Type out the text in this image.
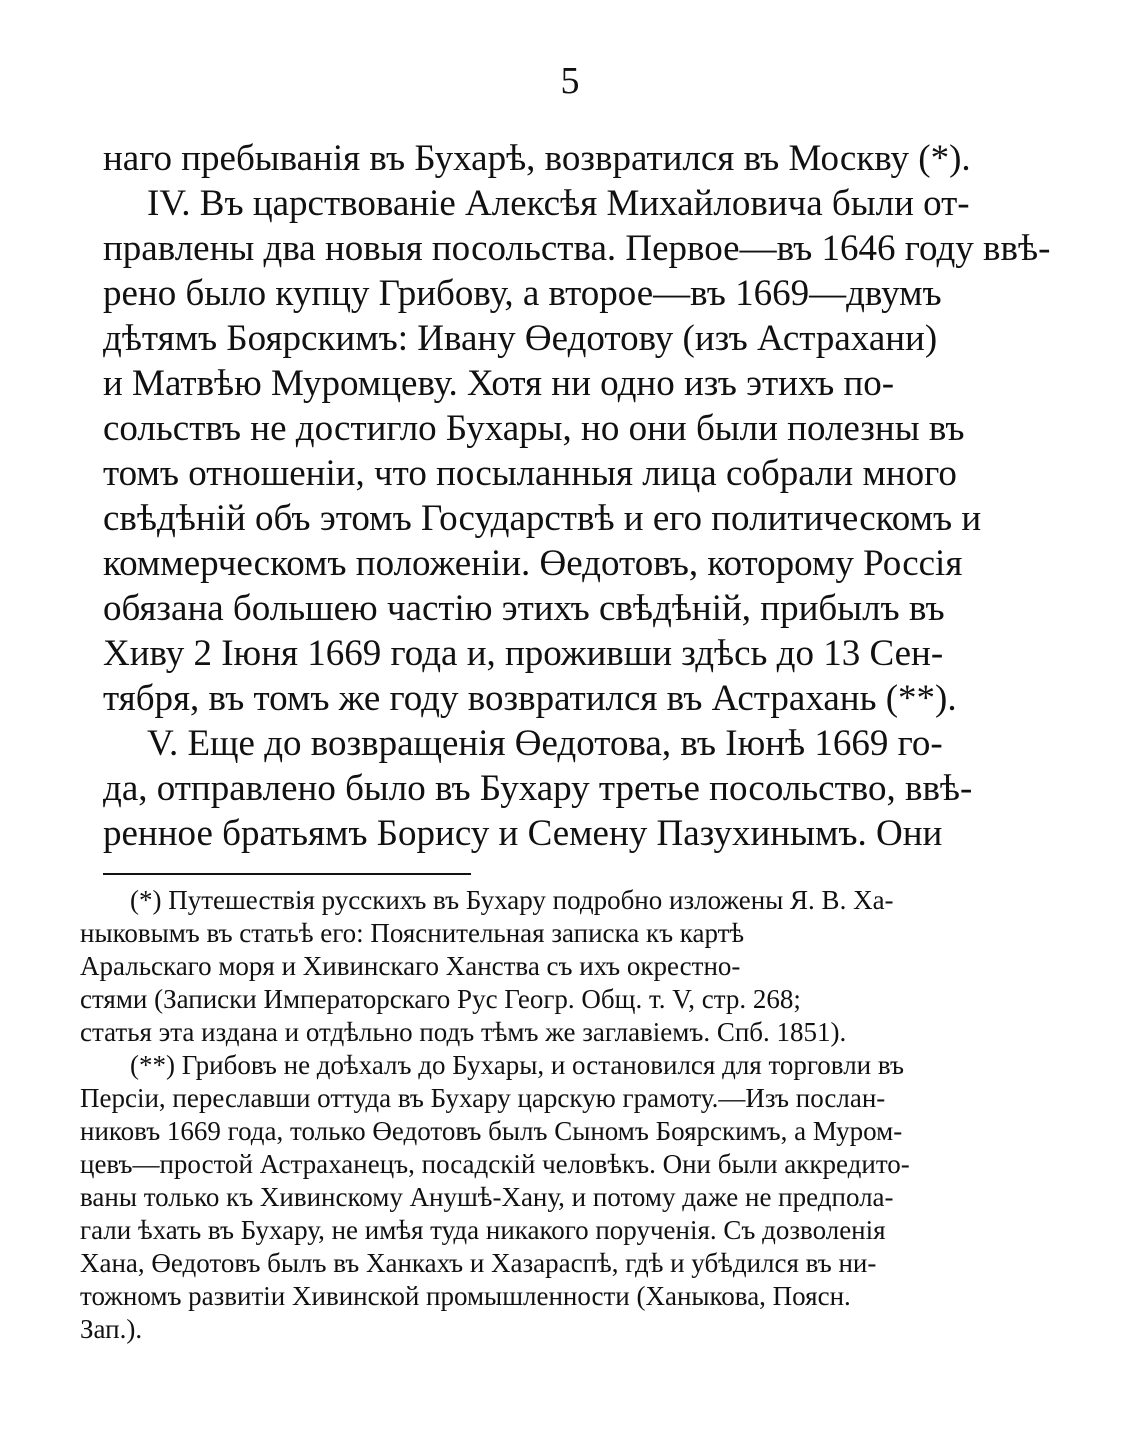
5
наго пребыванія въ Бухарѣ, возвратился въ Москву (*).
IV. Въ царствованіе Алексѣя Михайловича были от-
правлены два новыя посольства. Первое—въ 1646 году ввѣ-
рено было купцу Грибову, а второе—въ 1669—двумъ
дѣтямъ Боярскимъ: Ивану Өедотову (изъ Астрахани)
и Матвѣю Муромцеву. Хотя ни одно изъ этихъ по-
сольствъ не достигло Бухары, но они были полезны въ
томъ отношеніи, что посыланныя лица собрали много
свѣдѣній объ этомъ Государствѣ и его политическомъ и
коммерческомъ положеніи. Өедотовъ, которому Россія
обязана большею частію этихъ свѣдѣній, прибылъ въ
Хиву 2 Іюня 1669 года и, проживши здѣсь до 13 Сен-
тября, въ томъ же году возвратился въ Астрахань (**).
V. Еще до возвращенія Өедотова, въ Іюнѣ 1669 го-
да, отправлено было въ Бухару третье посольство, ввѣ-
ренное братьямъ Борису и Семену Пазухинымъ. Они
(*) Путешествія русскихъ въ Бухару подробно изложены Я. В. Ха-
ныковымъ въ статьѣ его: Пояснительная записка къ картѣ
Аральскаго моря и Хивинскаго Ханства съ ихъ окрестно-
стями (Записки Императорскаго Рус Геогр. Общ. т. V, стр. 268;
статья эта издана и отдѣльно подъ тѣмъ же заглавіемъ. Спб. 1851).
(**) Грибовъ не доѣхалъ до Бухары, и остановился для торговли въ
Персіи, переславши оттуда въ Бухару царскую грамоту.—Изъ послан-
никовъ 1669 года, только Өедотовъ былъ Сыномъ Боярскимъ, а Муром-
цевъ—простой Астраханецъ, посадскій человѣкъ. Они были аккредито-
ваны только къ Хивинскому Анушѣ-Хану, и потому даже не предпола-
гали ѣхать въ Бухару, не имѣя туда никакого порученія. Съ дозволенія
Хана, Өедотовъ былъ въ Ханкахъ и Хазараспѣ, гдѣ и убѣдился въ ни-
тожномъ развитіи Хивинской промышленности (Ханыкова, Поясн.
Зап.).
